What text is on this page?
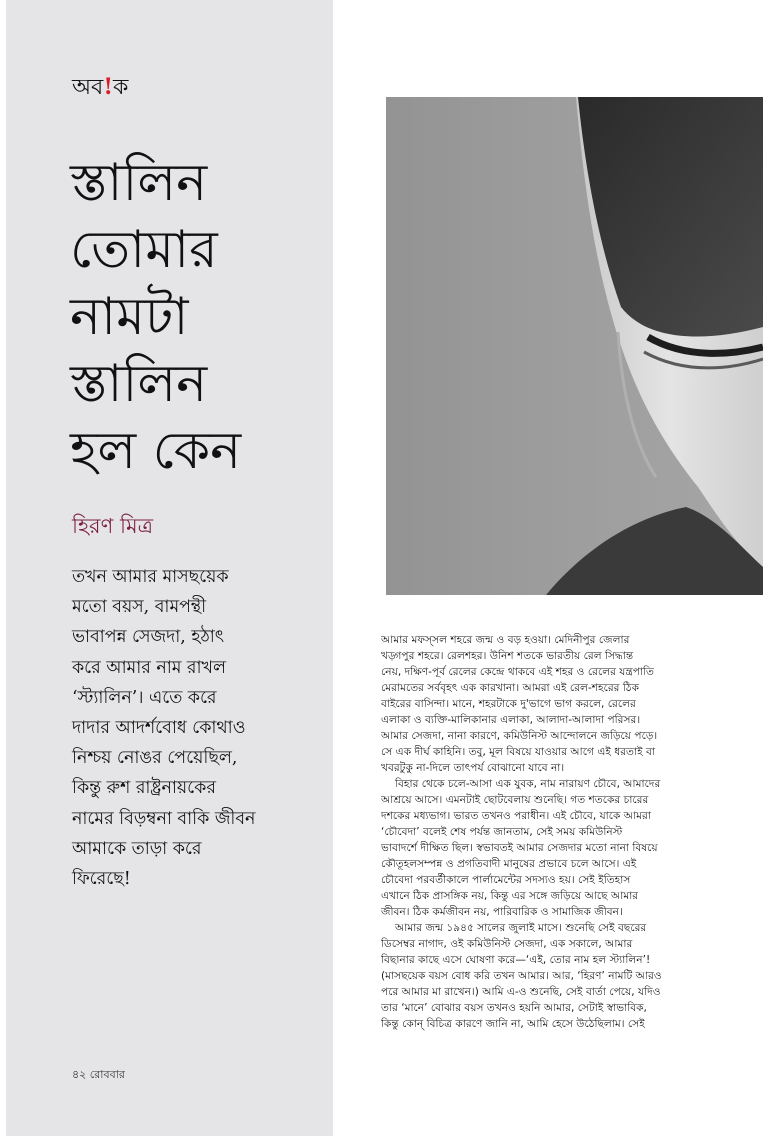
অব!ক
স্তালিন
তোমার
নামটা
স্তালিন
হল কেন
হিরণ মিত্র

তখন আমার মাসছয়েক
মতো বয়স, বামপন্থী
ভাবাপন্ন সেজদা, হঠাৎ
করে আমার নাম রাখল
‘স্ট্যালিন’। এতে করে
দাদার আদর্শবোধ কোথাও
নিশ্চয় নোঙর পেয়েছিল,
কিন্তু রুশ রাষ্ট্রনায়কের
নামের বিড়ম্বনা বাকি জীবন
আমাকে তাড়া করে
ফিরেছে!

৪২ রোববার

আমার মফস্সল শহরে জন্ম ও বড় হওয়া। মেদিনীপুর জেলার
খড়্গপুর শহরে। রেলশহর। উনিশ শতকে ভারতীয় রেল সিদ্ধান্ত
নেয়, দক্ষিণ-পূর্ব রেলের কেন্দ্রে থাকবে এই শহর ও রেলের যন্ত্রপাতি
মেরামতের সর্ববৃহৎ এক কারখানা। আমরা এই রেল-শহরের ঠিক
বাইরের বাসিন্দা। মানে, শহরটাকে দু'ভাগে ভাগ করলে, রেলের
এলাকা ও ব্যক্তি-মালিকানার এলাকা, আলাদা-আলাদা পরিসর।
আমার সেজদা, নানা কারণে, কমিউনিস্ট আন্দোলনে জড়িয়ে পড়ে।
সে এক দীর্ঘ কাহিনি। তবু, মূল বিষয়ে যাওয়ার আগে এই ধরতাই বা
খবরটুকু না-দিলে তাৎপর্য বোঝানো যাবে না।
বিহার থেকে চলে-আসা এক যুবক, নাম নারায়ণ চৌবে, আমাদের
আশ্রয়ে আসে। এমনটাই ছোটবেলায় শুনেছি। গত শতকের চারের
দশকের মধ্যভাগ। ভারত তখনও পরাধীন। এই চৌবে, যাকে আমরা
‘চৌবেদা’ বলেই শেষ পর্যন্ত জানতাম, সেই সময় কমিউনিস্ট
ভাবাদর্শে দীক্ষিত ছিল। স্বভাবতই আমার সেজদার মতো নানা বিষয়ে
কৌতূহলসম্পন্ন ও প্রগতিবাদী মানুষের প্রভাবে চলে আসে। এই
চৌবেদা পরবর্তীকালে পার্লামেন্টের সদস্যও হয়। সেই ইতিহাস
এখানে ঠিক প্রাসঙ্গিক নয়, কিন্তু এর সঙ্গে জড়িয়ে আছে আমার
জীবন। ঠিক কর্মজীবন নয়, পারিবারিক ও সামাজিক জীবন।
আমার জন্ম ১৯৪৫ সালের জুলাই মাসে। শুনেছি সেই বছরের
ডিসেম্বর নাগাদ, ওই কমিউনিস্ট সেজদা, এক সকালে, আমার
বিছানার কাছে এসে ঘোষণা করে—‘এই, তোর নাম হল স্ট্যালিন’!
(মাসছয়েক বয়স বোধ করি তখন আমার। আর, ‘হিরণ’ নামটি আরও
পরে আমার মা রাখেন।) আমি এ-ও শুনেছি, সেই বার্তা পেয়ে, যদিও
তার ‘মানে’ বোঝার বয়স তখনও হয়নি আমার, সেটাই স্বাভাবিক,
কিন্তু কোন্ বিচিত্র কারণে জানি না, আমি হেসে উঠেছিলাম। সেই
